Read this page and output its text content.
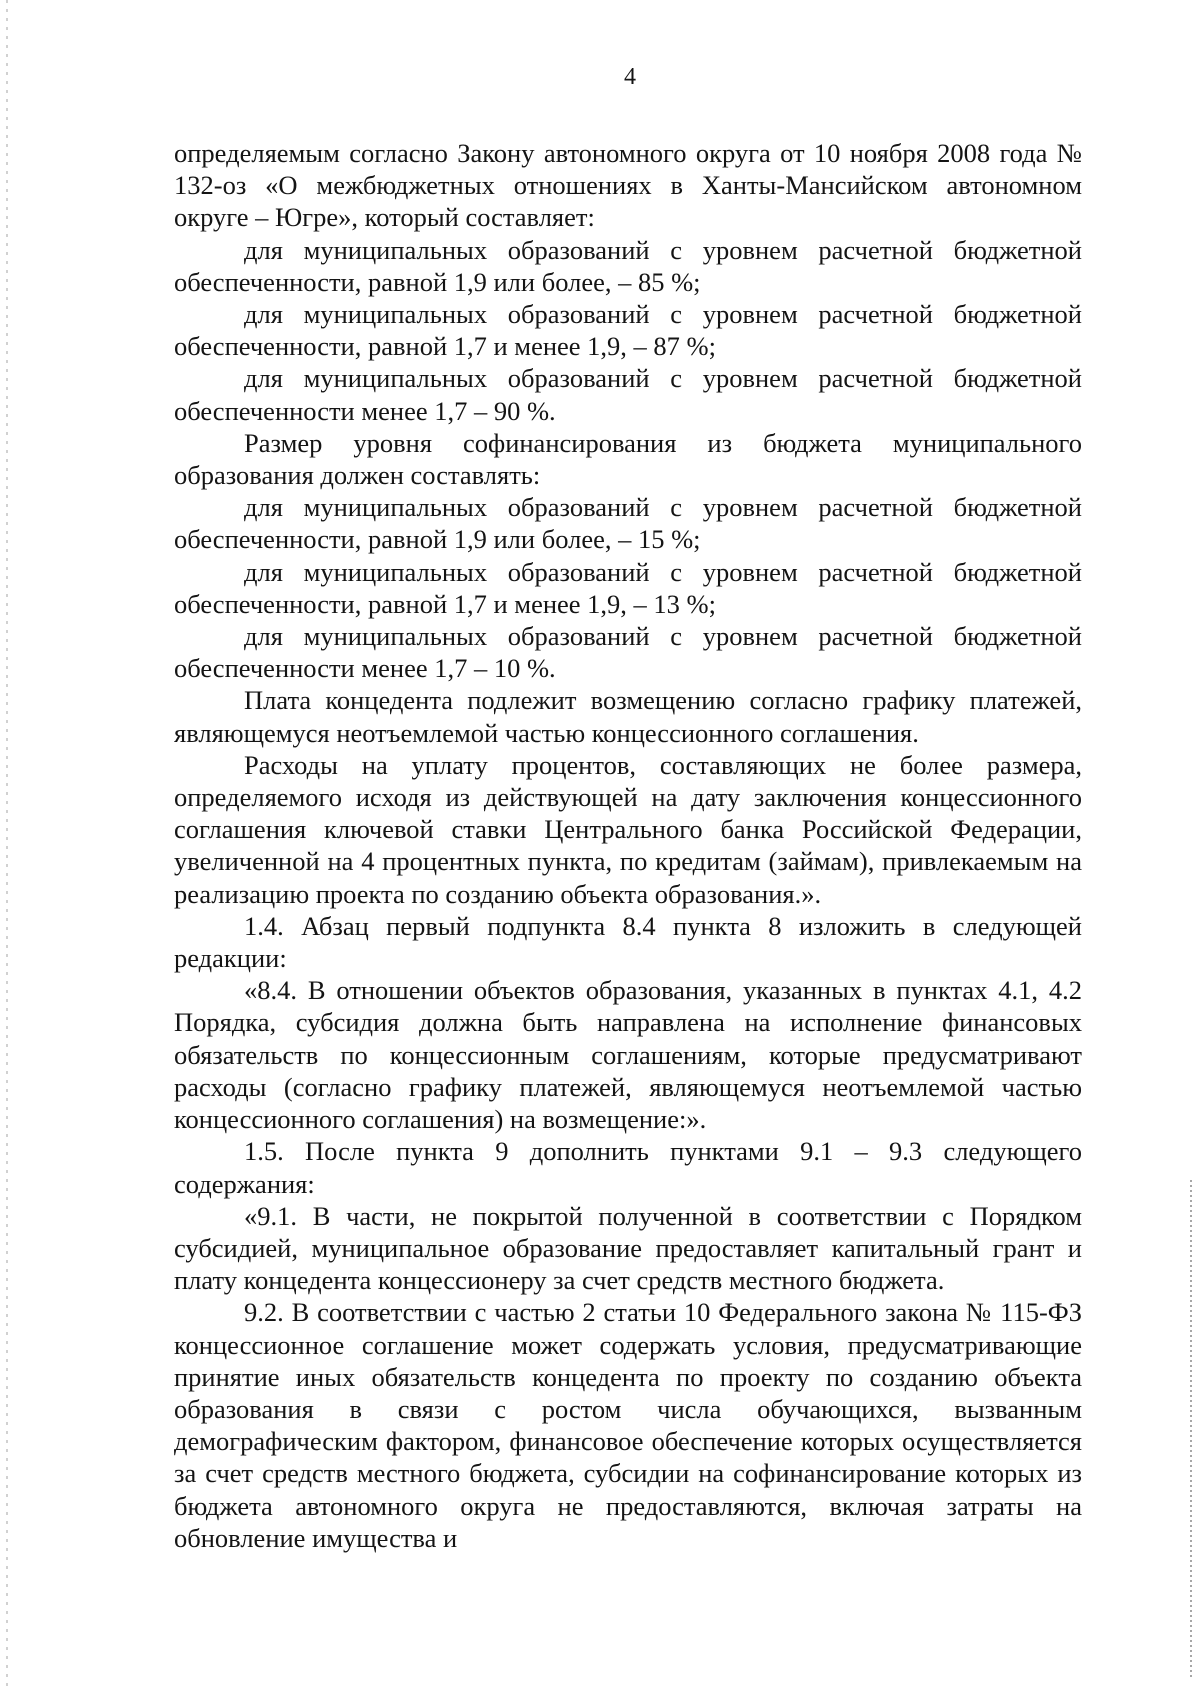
4

определяемым согласно Закону автономного округа от 10 ноября 2008 года № 132-оз «О межбюджетных отношениях в Ханты-Мансийском автономном округе – Югре», который составляет:

для муниципальных образований с уровнем расчетной бюджетной обеспеченности, равной 1,9 или более, – 85 %;

для муниципальных образований с уровнем расчетной бюджетной обеспеченности, равной 1,7 и менее 1,9, – 87 %;

для муниципальных образований с уровнем расчетной бюджетной обеспеченности менее 1,7 – 90 %.

Размер уровня софинансирования из бюджета муниципального образования должен составлять:

для муниципальных образований с уровнем расчетной бюджетной обеспеченности, равной 1,9 или более, – 15 %;

для муниципальных образований с уровнем расчетной бюджетной обеспеченности, равной 1,7 и менее 1,9, – 13 %;

для муниципальных образований с уровнем расчетной бюджетной обеспеченности менее 1,7 – 10 %.

Плата концедента подлежит возмещению согласно графику платежей, являющемуся неотъемлемой частью концессионного соглашения.

Расходы на уплату процентов, составляющих не более размера, определяемого исходя из действующей на дату заключения концессионного соглашения ключевой ставки Центрального банка Российской Федерации, увеличенной на 4 процентных пункта, по кредитам (займам), привлекаемым на реализацию проекта по созданию объекта образования.».

1.4. Абзац первый подпункта 8.4 пункта 8 изложить в следующей редакции:

«8.4. В отношении объектов образования, указанных в пунктах 4.1, 4.2 Порядка, субсидия должна быть направлена на исполнение финансовых обязательств по концессионным соглашениям, которые предусматривают расходы (согласно графику платежей, являющемуся неотъемлемой частью концессионного соглашения) на возмещение:».

1.5. После пункта 9 дополнить пунктами 9.1 – 9.3 следующего содержания:

«9.1. В части, не покрытой полученной в соответствии с Порядком субсидией, муниципальное образование предоставляет капитальный грант и плату концедента концессионеру за счет средств местного бюджета.

9.2. В соответствии с частью 2 статьи 10 Федерального закона № 115-ФЗ концессионное соглашение может содержать условия, предусматривающие принятие иных обязательств концедента по проекту по созданию объекта образования в связи с ростом числа обучающихся, вызванным демографическим фактором, финансовое обеспечение которых осуществляется за счет средств местного бюджета, субсидии на софинансирование которых из бюджета автономного округа не предоставляются, включая затраты на обновление имущества и
